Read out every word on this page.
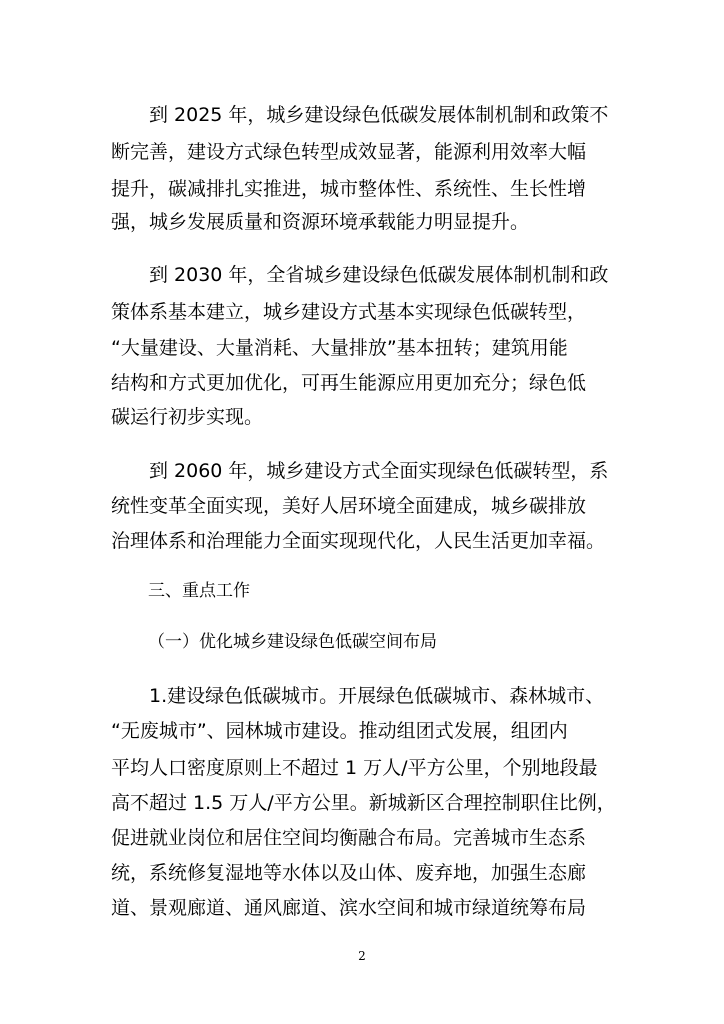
　　到 2025 年，城乡建设绿色低碳发展体制机制和政策不
断完善，建设方式绿色转型成效显著，能源利用效率大幅
提升，碳减排扎实推进，城市整体性、系统性、生长性增
强，城乡发展质量和资源环境承载能力明显提升。
　　到 2030 年，全省城乡建设绿色低碳发展体制机制和政
策体系基本建立，城乡建设方式基本实现绿色低碳转型，
“大量建设、大量消耗、大量排放”基本扭转；建筑用能
结构和方式更加优化，可再生能源应用更加充分；绿色低
碳运行初步实现。
　　到 2060 年，城乡建设方式全面实现绿色低碳转型，系
统性变革全面实现，美好人居环境全面建成，城乡碳排放
治理体系和治理能力全面实现现代化，人民生活更加幸福。
三、重点工作
（一）优化城乡建设绿色低碳空间布局
　　1.建设绿色低碳城市。开展绿色低碳城市、森林城市、
“无废城市”、园林城市建设。推动组团式发展，组团内
平均人口密度原则上不超过 1 万人/平方公里，个别地段最
高不超过 1.5 万人/平方公里。新城新区合理控制职住比例，
促进就业岗位和居住空间均衡融合布局。完善城市生态系
统，系统修复湿地等水体以及山体、废弃地，加强生态廊
道、景观廊道、通风廊道、滨水空间和城市绿道统筹布局
2
